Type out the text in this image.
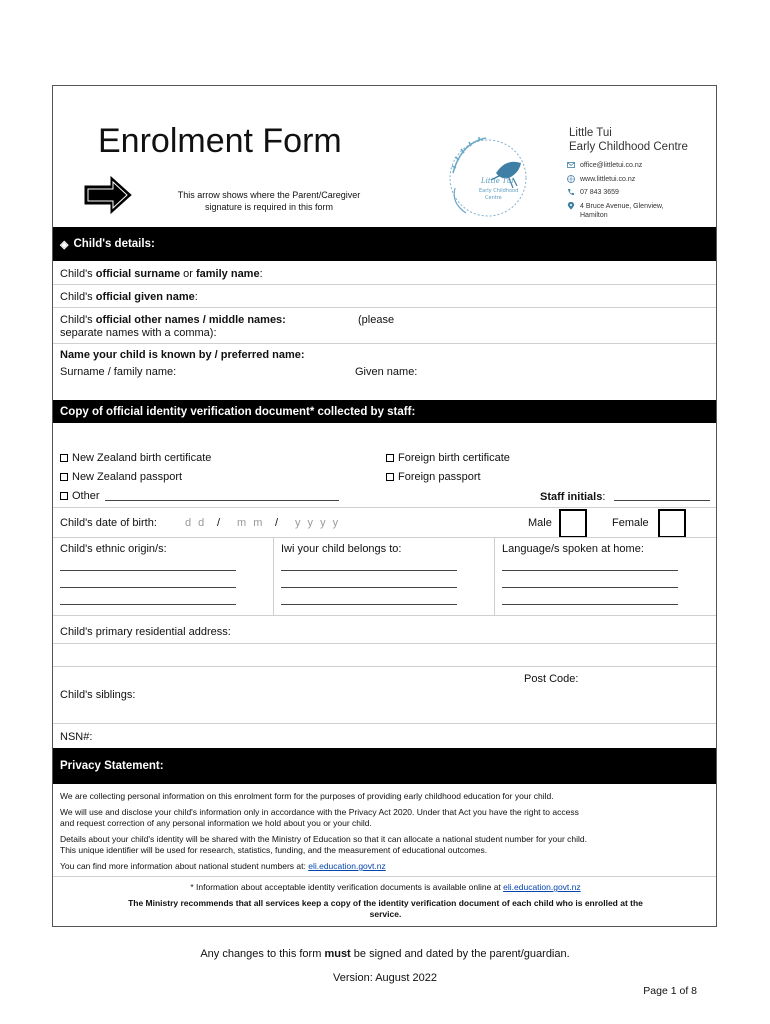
Enrolment Form
This arrow shows where the Parent/Caregiver
signature is required in this form
Little Tui
Early Childhood
Centre
Little Tui
Early Childhood Centre
office@littletui.co.nz
www.littletui.co.nz
07 843 3659
4 Bruce Avenue, Glenview,
Hamilton
◈ Child's details:
Child's official surname or family name:
Child's official given name:
Child's official other names / middle names:	(please
separate names with a comma):
Name your child is known by / preferred name:
Surname / family name:	Given name:
Copy of official identity verification document* collected by staff:
New Zealand birth certificate	Foreign birth certificate
New Zealand passport	Foreign passport
Other	Staff initials:
Child's date of birth:	d d / m m / y y y y	Male	Female
Child's ethnic origin/s:	Iwi your child belongs to:	Language/s spoken at home:
Child's primary residential address:
Post Code:
Child's siblings:
NSN#:
Privacy Statement:
We are collecting personal information on this enrolment form for the purposes of providing early childhood education for your child.
We will use and disclose your child's information only in accordance with the Privacy Act 2020. Under that Act you have the right to access
and request correction of any personal information we hold about you or your child.
Details about your child's identity will be shared with the Ministry of Education so that it can allocate a national student number for your child.
This unique identifier will be used for research, statistics, funding, and the measurement of educational outcomes.
You can find more information about national student numbers at: eli.education.govt.nz
* Information about acceptable identity verification documents is available online at eli.education.govt.nz
The Ministry recommends that all services keep a copy of the identity verification document of each child who is enrolled at the
service.
Any changes to this form must be signed and dated by the parent/guardian.
Version: August 2022
Page 1 of 8
